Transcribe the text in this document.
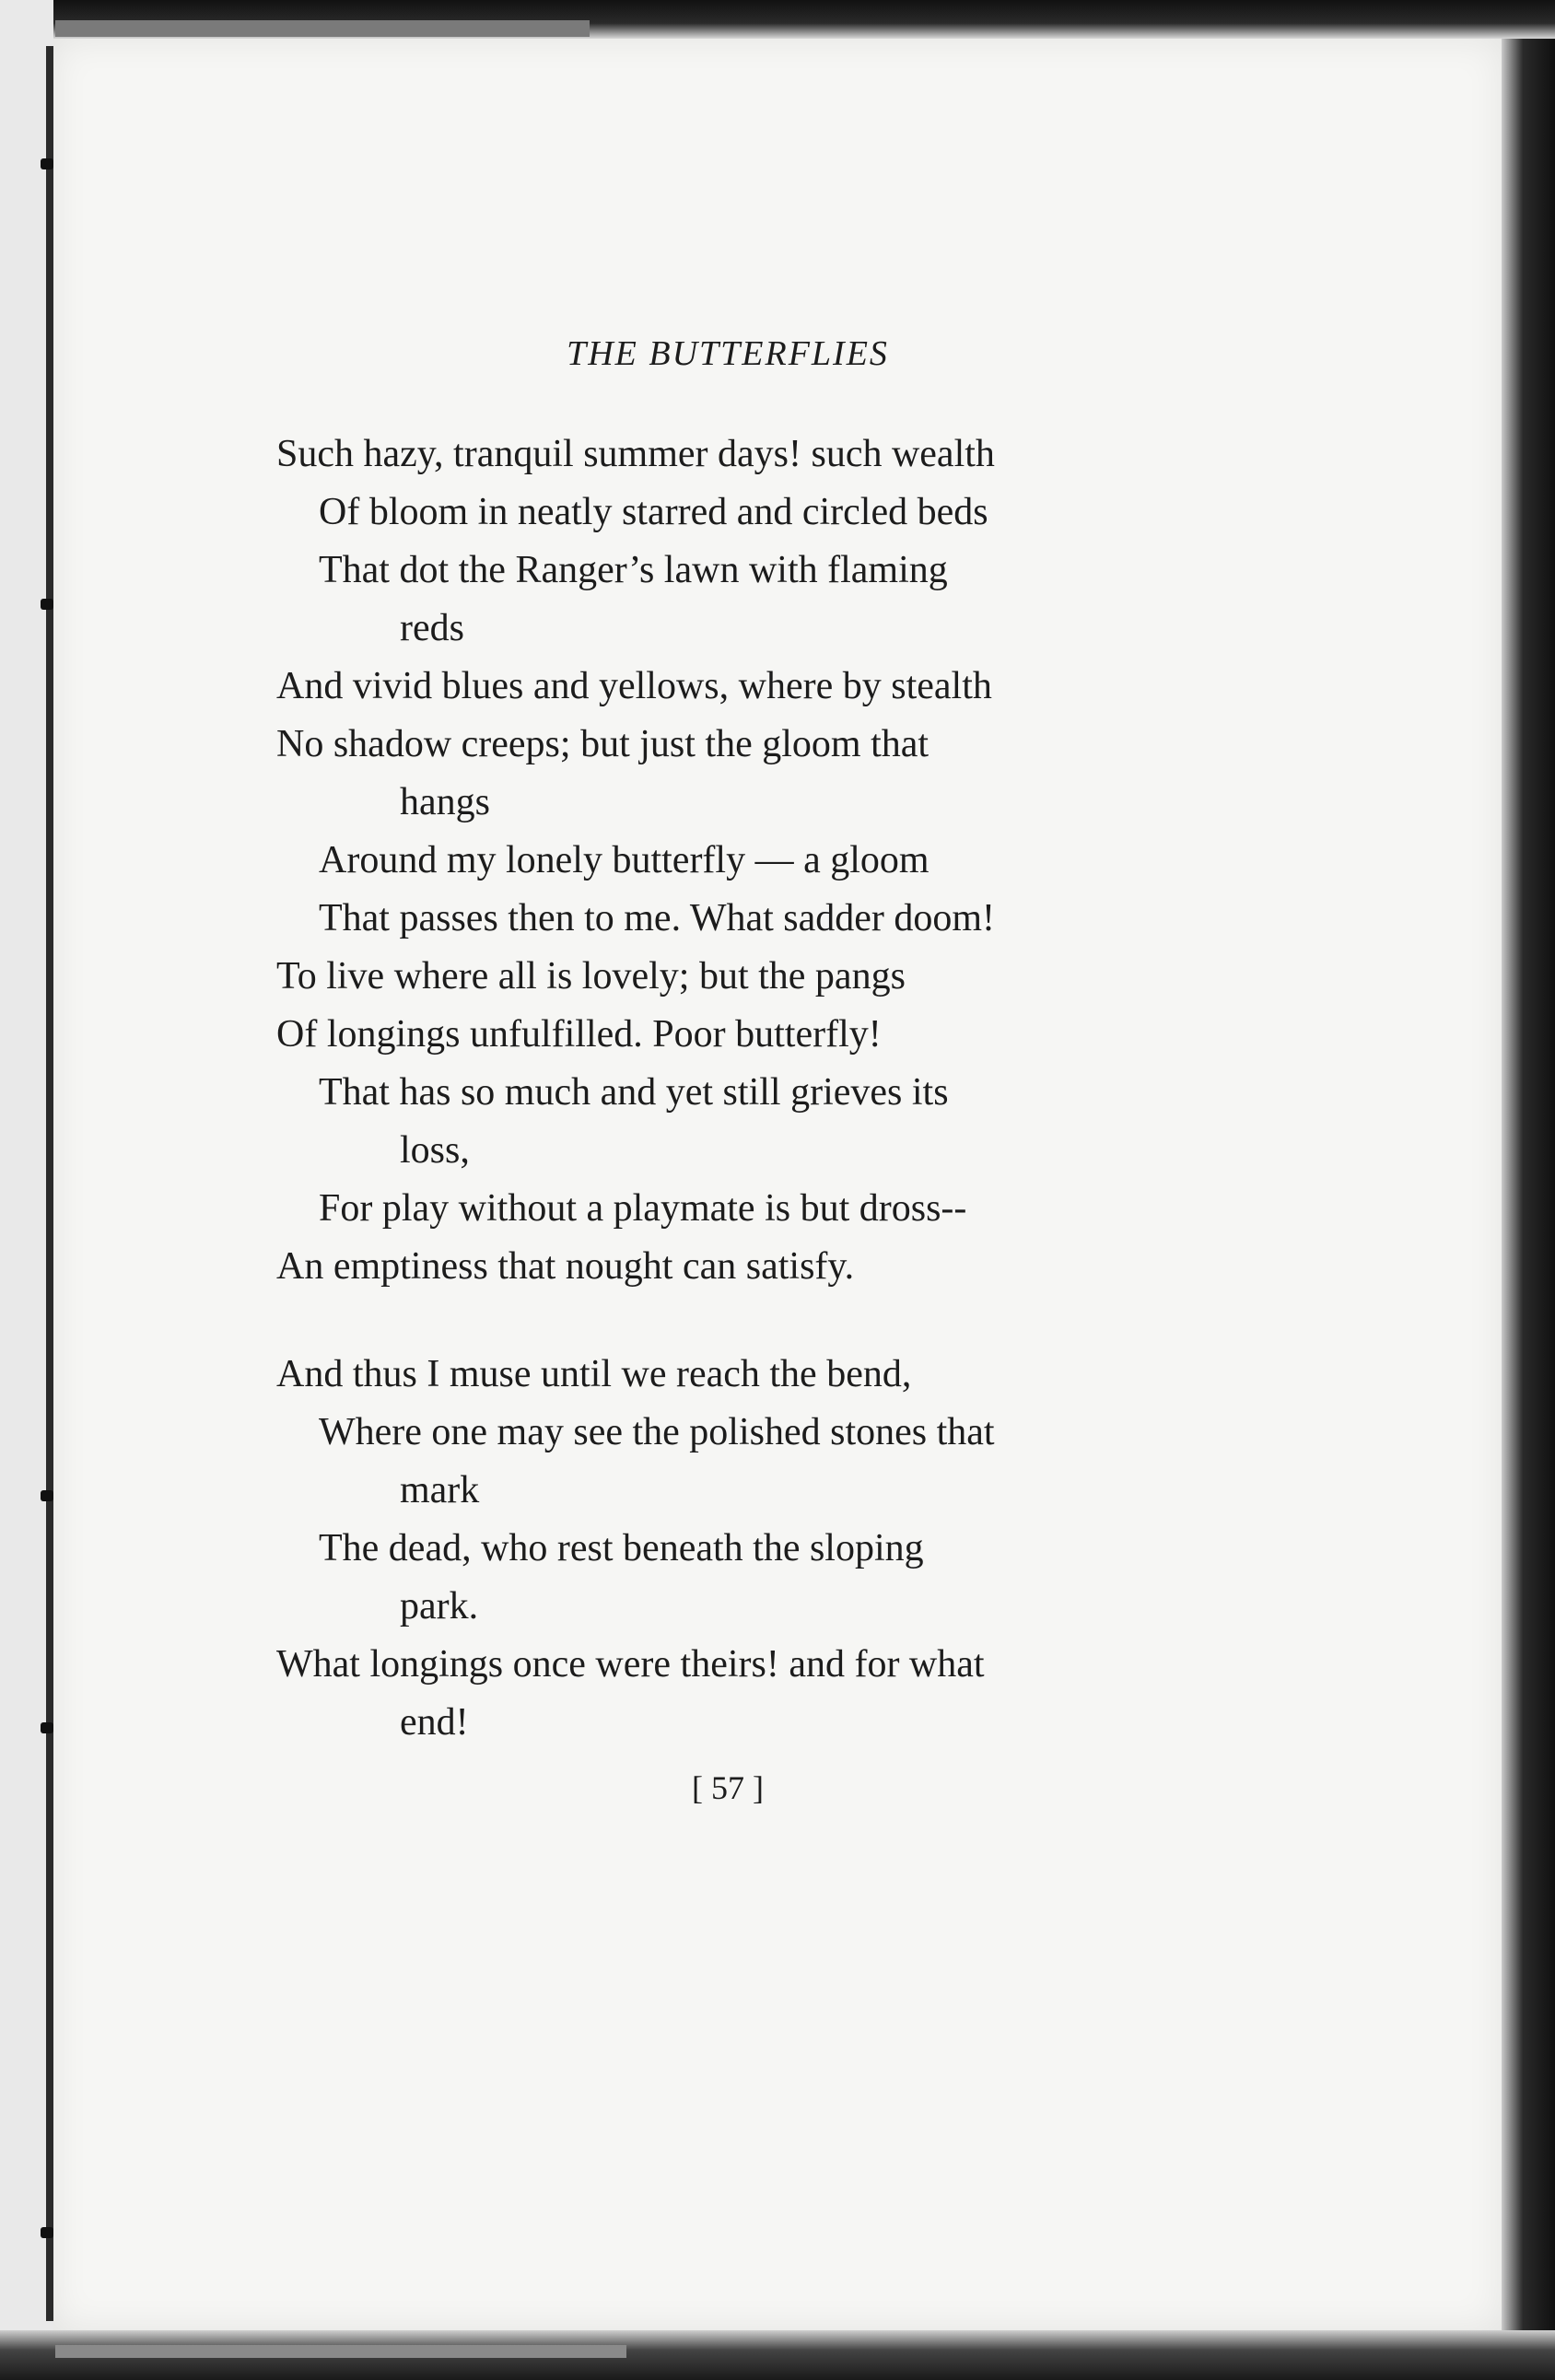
THE BUTTERFLIES
Such hazy, tranquil summer days! such wealth
Of bloom in neatly starred and circled beds
That dot the Ranger’s lawn with flaming
reds
And vivid blues and yellows, where by stealth
No shadow creeps; but just the gloom that
hangs
Around my lonely butterfly — a gloom
That passes then to me. What sadder doom!
To live where all is lovely; but the pangs
Of longings unfulfilled. Poor butterfly!
That has so much and yet still grieves its
loss,
For play without a playmate is but dross--
An emptiness that nought can satisfy.
And thus I muse until we reach the bend,
Where one may see the polished stones that
mark
The dead, who rest beneath the sloping
park.
What longings once were theirs! and for what
end!
[ 57 ]
